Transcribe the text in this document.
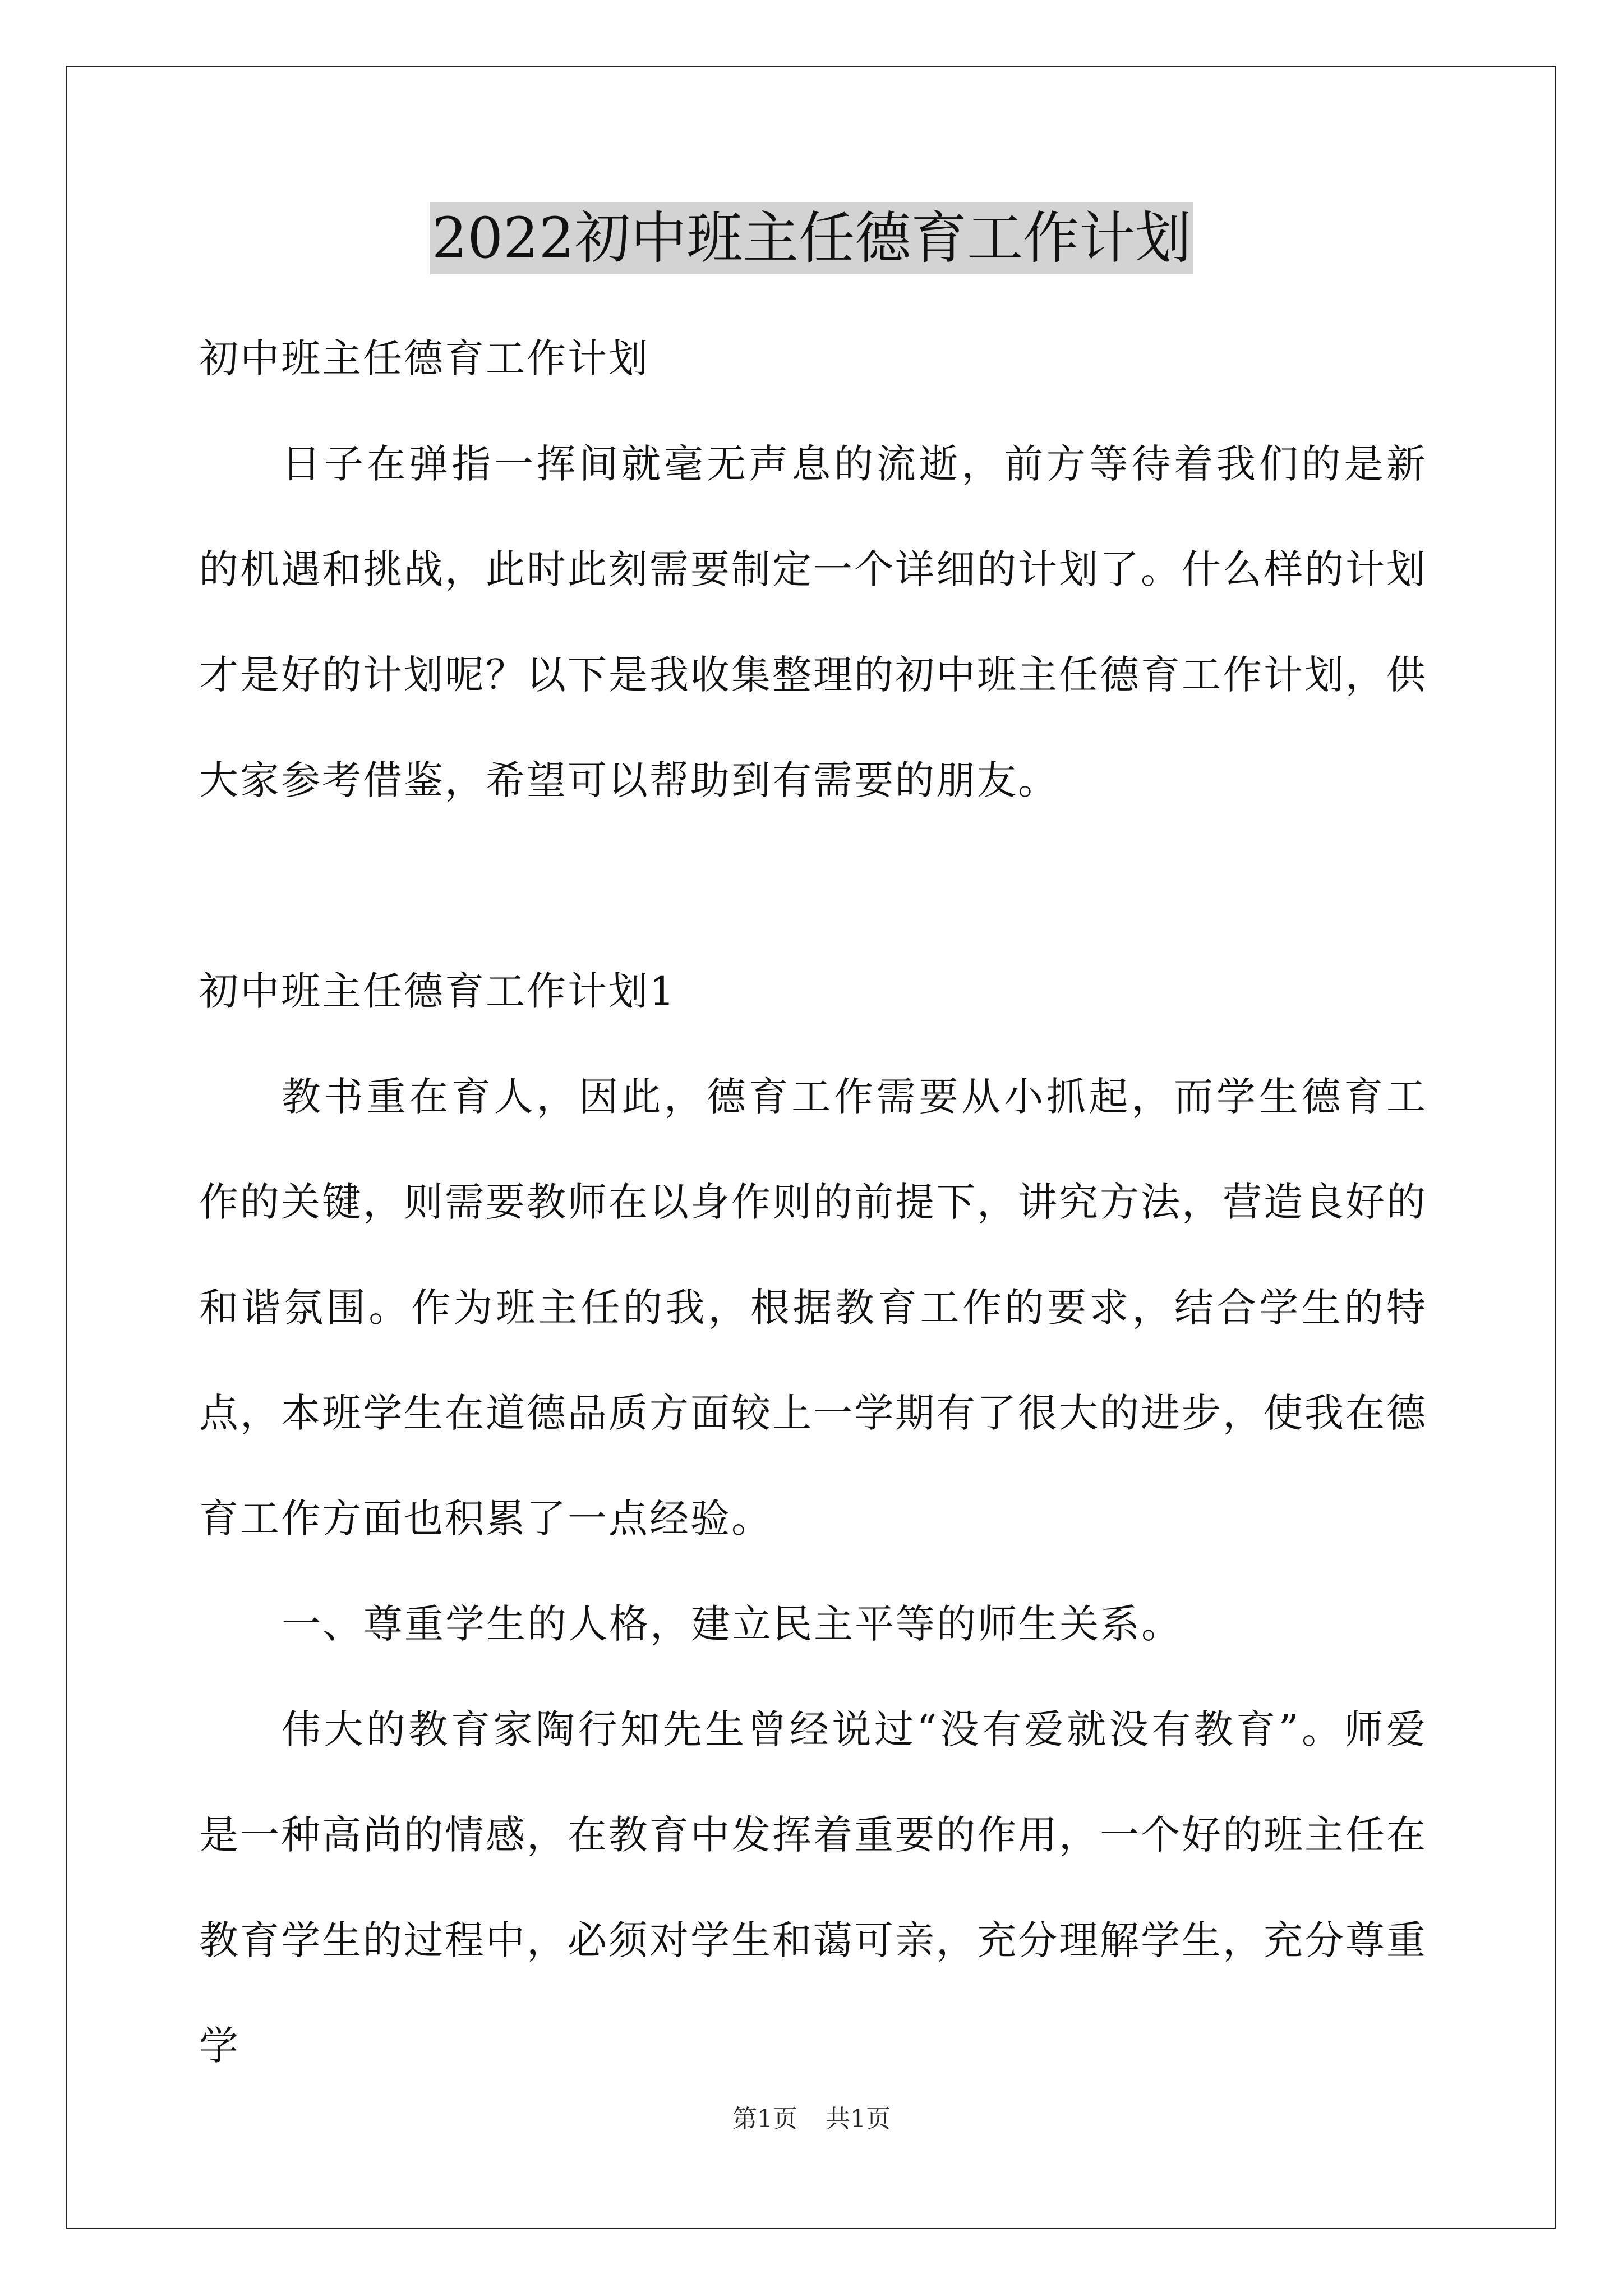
2022初中班主任德育工作计划

初中班主任德育工作计划

日子在弹指一挥间就毫无声息的流逝，前方等待着我们的是新的机遇和挑战，此时此刻需要制定一个详细的计划了。什么样的计划才是好的计划呢？以下是我收集整理的初中班主任德育工作计划，供大家参考借鉴，希望可以帮助到有需要的朋友。

初中班主任德育工作计划1

教书重在育人，因此，德育工作需要从小抓起，而学生德育工作的关键，则需要教师在以身作则的前提下，讲究方法，营造良好的和谐氛围。作为班主任的我，根据教育工作的要求，结合学生的特点，本班学生在道德品质方面较上一学期有了很大的进步，使我在德育工作方面也积累了一点经验。

一、尊重学生的人格，建立民主平等的师生关系。

伟大的教育家陶行知先生曾经说过“没有爱就没有教育”。师爱是一种高尚的情感，在教育中发挥着重要的作用，一个好的班主任在教育学生的过程中，必须对学生和蔼可亲，充分理解学生，充分尊重学

第1页 共1页
